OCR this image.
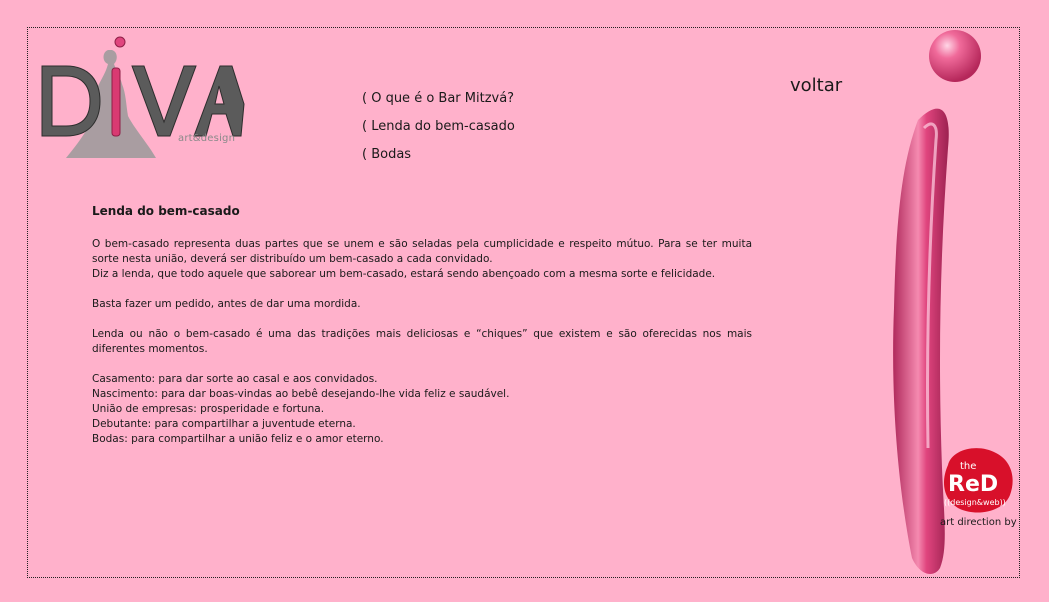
art&design
( O que é o Bar Mitzvá?
( Lenda do bem-casado
( Bodas
voltar
Lenda do bem-casado

O bem-casado representa duas partes que se unem e são seladas pela cumplicidade e respeito mútuo. Para se ter muita sorte nesta união, deverá ser distribuído um bem-casado a cada convidado.
Diz a lenda, que todo aquele que saborear um bem-casado, estará sendo abençoado com a mesma sorte e felicidade.

Basta fazer um pedido, antes de dar uma mordida.

Lenda ou não o bem-casado é uma das tradições mais deliciosas e “chiques” que existem e são oferecidas nos mais diferentes momentos.

Casamento: para dar sorte ao casal e aos convidados.
Nascimento: para dar boas-vindas ao bebê desejando-lhe vida feliz e saudável.
União de empresas: prosperidade e fortuna.
Debutante: para compartilhar a juventude eterna.
Bodas: para compartilhar a união feliz e o amor eterno.
the
ReD
((design&web))
art direction by
